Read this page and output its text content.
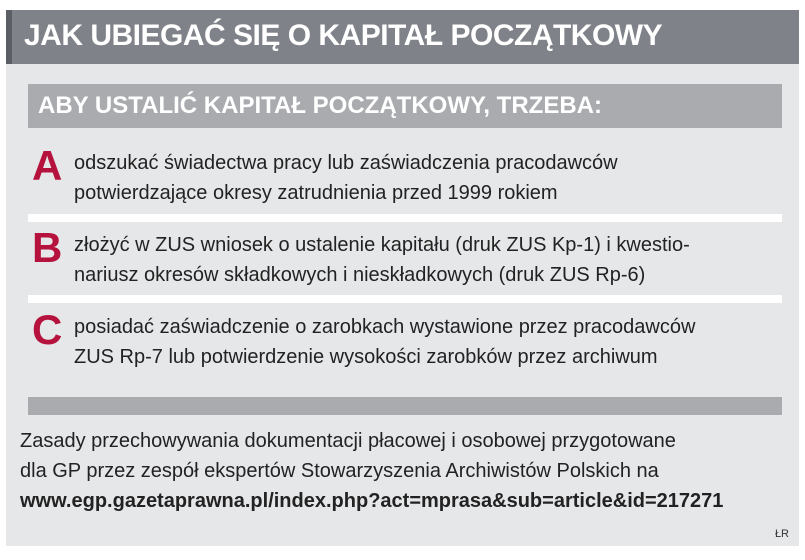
JAK UBIEGAĆ SIĘ O KAPITAŁ POCZĄTKOWY
ABY USTALIĆ KAPITAŁ POCZĄTKOWY, TRZEBA:
A odszukać świadectwa pracy lub zaświadczenia pracodawców
potwierdzające okresy zatrudnienia przed 1999 rokiem
B złożyć w ZUS wniosek o ustalenie kapitału (druk ZUS Kp-1) i kwestio-
nariusz okresów składkowych i nieskładkowych (druk ZUS Rp-6)
C posiadać zaświadczenie o zarobkach wystawione przez pracodawców
ZUS Rp-7 lub potwierdzenie wysokości zarobków przez archiwum
Zasady przechowywania dokumentacji płacowej i osobowej przygotowane
dla GP przez zespół ekspertów Stowarzyszenia Archiwistów Polskich na
www.egp.gazetaprawna.pl/index.php?act=mprasa&sub=article&id=217271
ŁR
